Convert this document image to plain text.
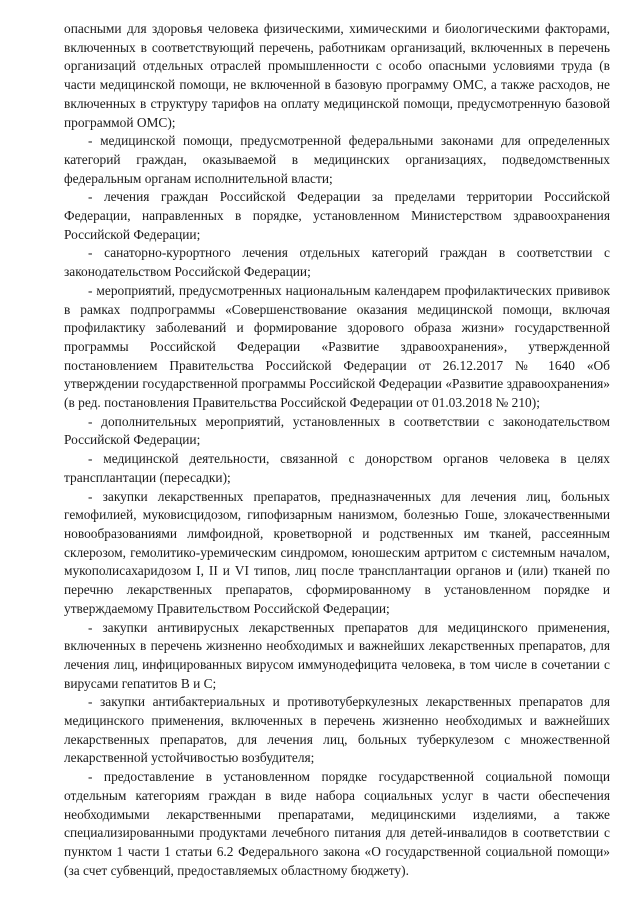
опасными для здоровья человека физическими, химическими и биологическими факторами, включенных в соответствующий перечень, работникам организаций, включенных в перечень организаций отдельных отраслей промышленности с особо опасными условиями труда (в части медицинской помощи, не включенной в базовую программу ОМС, а также расходов, не включенных в структуру тарифов на оплату медицинской помощи, предусмотренную базовой программой ОМС);

- медицинской помощи, предусмотренной федеральными законами для определенных категорий граждан, оказываемой в медицинских организациях, подведомственных федеральным органам исполнительной власти;

- лечения граждан Российской Федерации за пределами территории Российской Федерации, направленных в порядке, установленном Министерством здравоохранения Российской Федерации;

- санаторно-курортного лечения отдельных категорий граждан в соответствии с законодательством Российской Федерации;

- мероприятий, предусмотренных национальным календарем профилактических прививок в рамках подпрограммы «Совершенствование оказания медицинской помощи, включая профилактику заболеваний и формирование здорового образа жизни» государственной программы Российской Федерации «Развитие здравоохранения», утвержденной постановлением Правительства Российской Федерации от 26.12.2017 № 1640 «Об утверждении государственной программы Российской Федерации «Развитие здравоохранения» (в ред. постановления Правительства Российской Федерации от 01.03.2018 № 210);

- дополнительных мероприятий, установленных в соответствии с законодательством Российской Федерации;

- медицинской деятельности, связанной с донорством органов человека в целях трансплантации (пересадки);

- закупки лекарственных препаратов, предназначенных для лечения лиц, больных гемофилией, муковисцидозом, гипофизарным нанизмом, болезнью Гоше, злокачественными новообразованиями лимфоидной, кроветворной и родственных им тканей, рассеянным склерозом, гемолитико-уремическим синдромом, юношеским артритом с системным началом, мукополисахаридозом I, II и VI типов, лиц после трансплантации органов и (или) тканей по перечню лекарственных препаратов, сформированному в установленном порядке и утверждаемому Правительством Российской Федерации;

- закупки антивирусных лекарственных препаратов для медицинского применения, включенных в перечень жизненно необходимых и важнейших лекарственных препаратов, для лечения лиц, инфицированных вирусом иммунодефицита человека, в том числе в сочетании с вирусами гепатитов B и C;

- закупки антибактериальных и противотуберкулезных лекарственных препаратов для медицинского применения, включенных в перечень жизненно необходимых и важнейших лекарственных препаратов, для лечения лиц, больных туберкулезом с множественной лекарственной устойчивостью возбудителя;

- предоставление в установленном порядке государственной социальной помощи отдельным категориям граждан в виде набора социальных услуг в части обеспечения необходимыми лекарственными препаратами, медицинскими изделиями, а также специализированными продуктами лечебного питания для детей-инвалидов в соответствии с пунктом 1 части 1 статьи 6.2 Федерального закона «О государственной социальной помощи» (за счет субвенций, предоставляемых областному бюджету).
